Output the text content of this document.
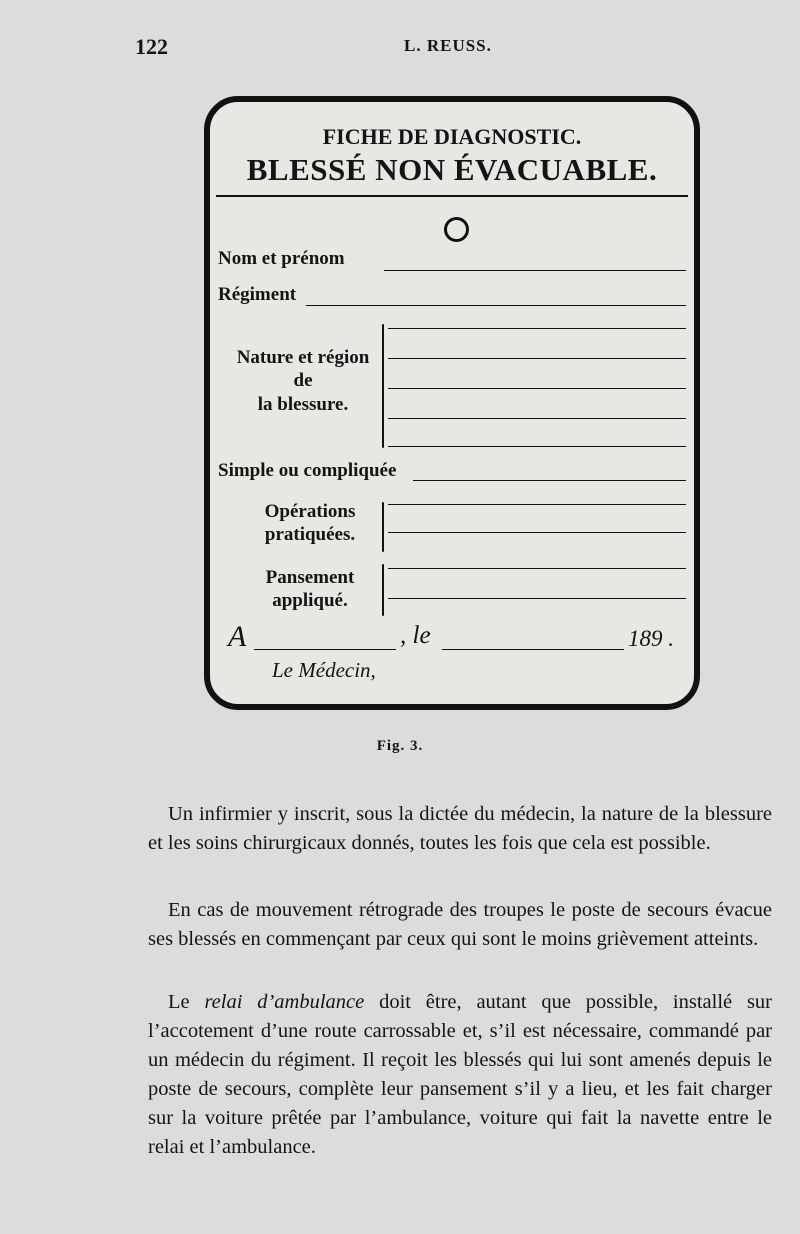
122	L. REUSS.
FICHE DE DIAGNOSTIC.
BLESSÉ NON ÉVACUABLE.
Nom et prénom
Régiment
Nature et région
de
la blessure.
Simple ou compliquée
Opérations
pratiquées.
Pansement
appliqué.
A	, le	189 .
Le Médecin,
Fig. 3.

Un infirmier y inscrit, sous la dictée du médecin, la nature de la blessure et les soins chirurgicaux donnés, toutes les fois que cela est possible.

En cas de mouvement rétrograde des troupes le poste de secours évacue ses blessés en commençant par ceux qui sont le moins grièvement atteints.

Le relai d’ambulance doit être, autant que possible, installé sur l’accotement d’une route carrossable et, s’il est nécessaire, commandé par un médecin du régiment. Il reçoit les blessés qui lui sont amenés depuis le poste de secours, complète leur pansement s’il y a lieu, et les fait charger sur la voiture prêtée par l’ambulance, voiture qui fait la navette entre le relai et l’ambulance.
